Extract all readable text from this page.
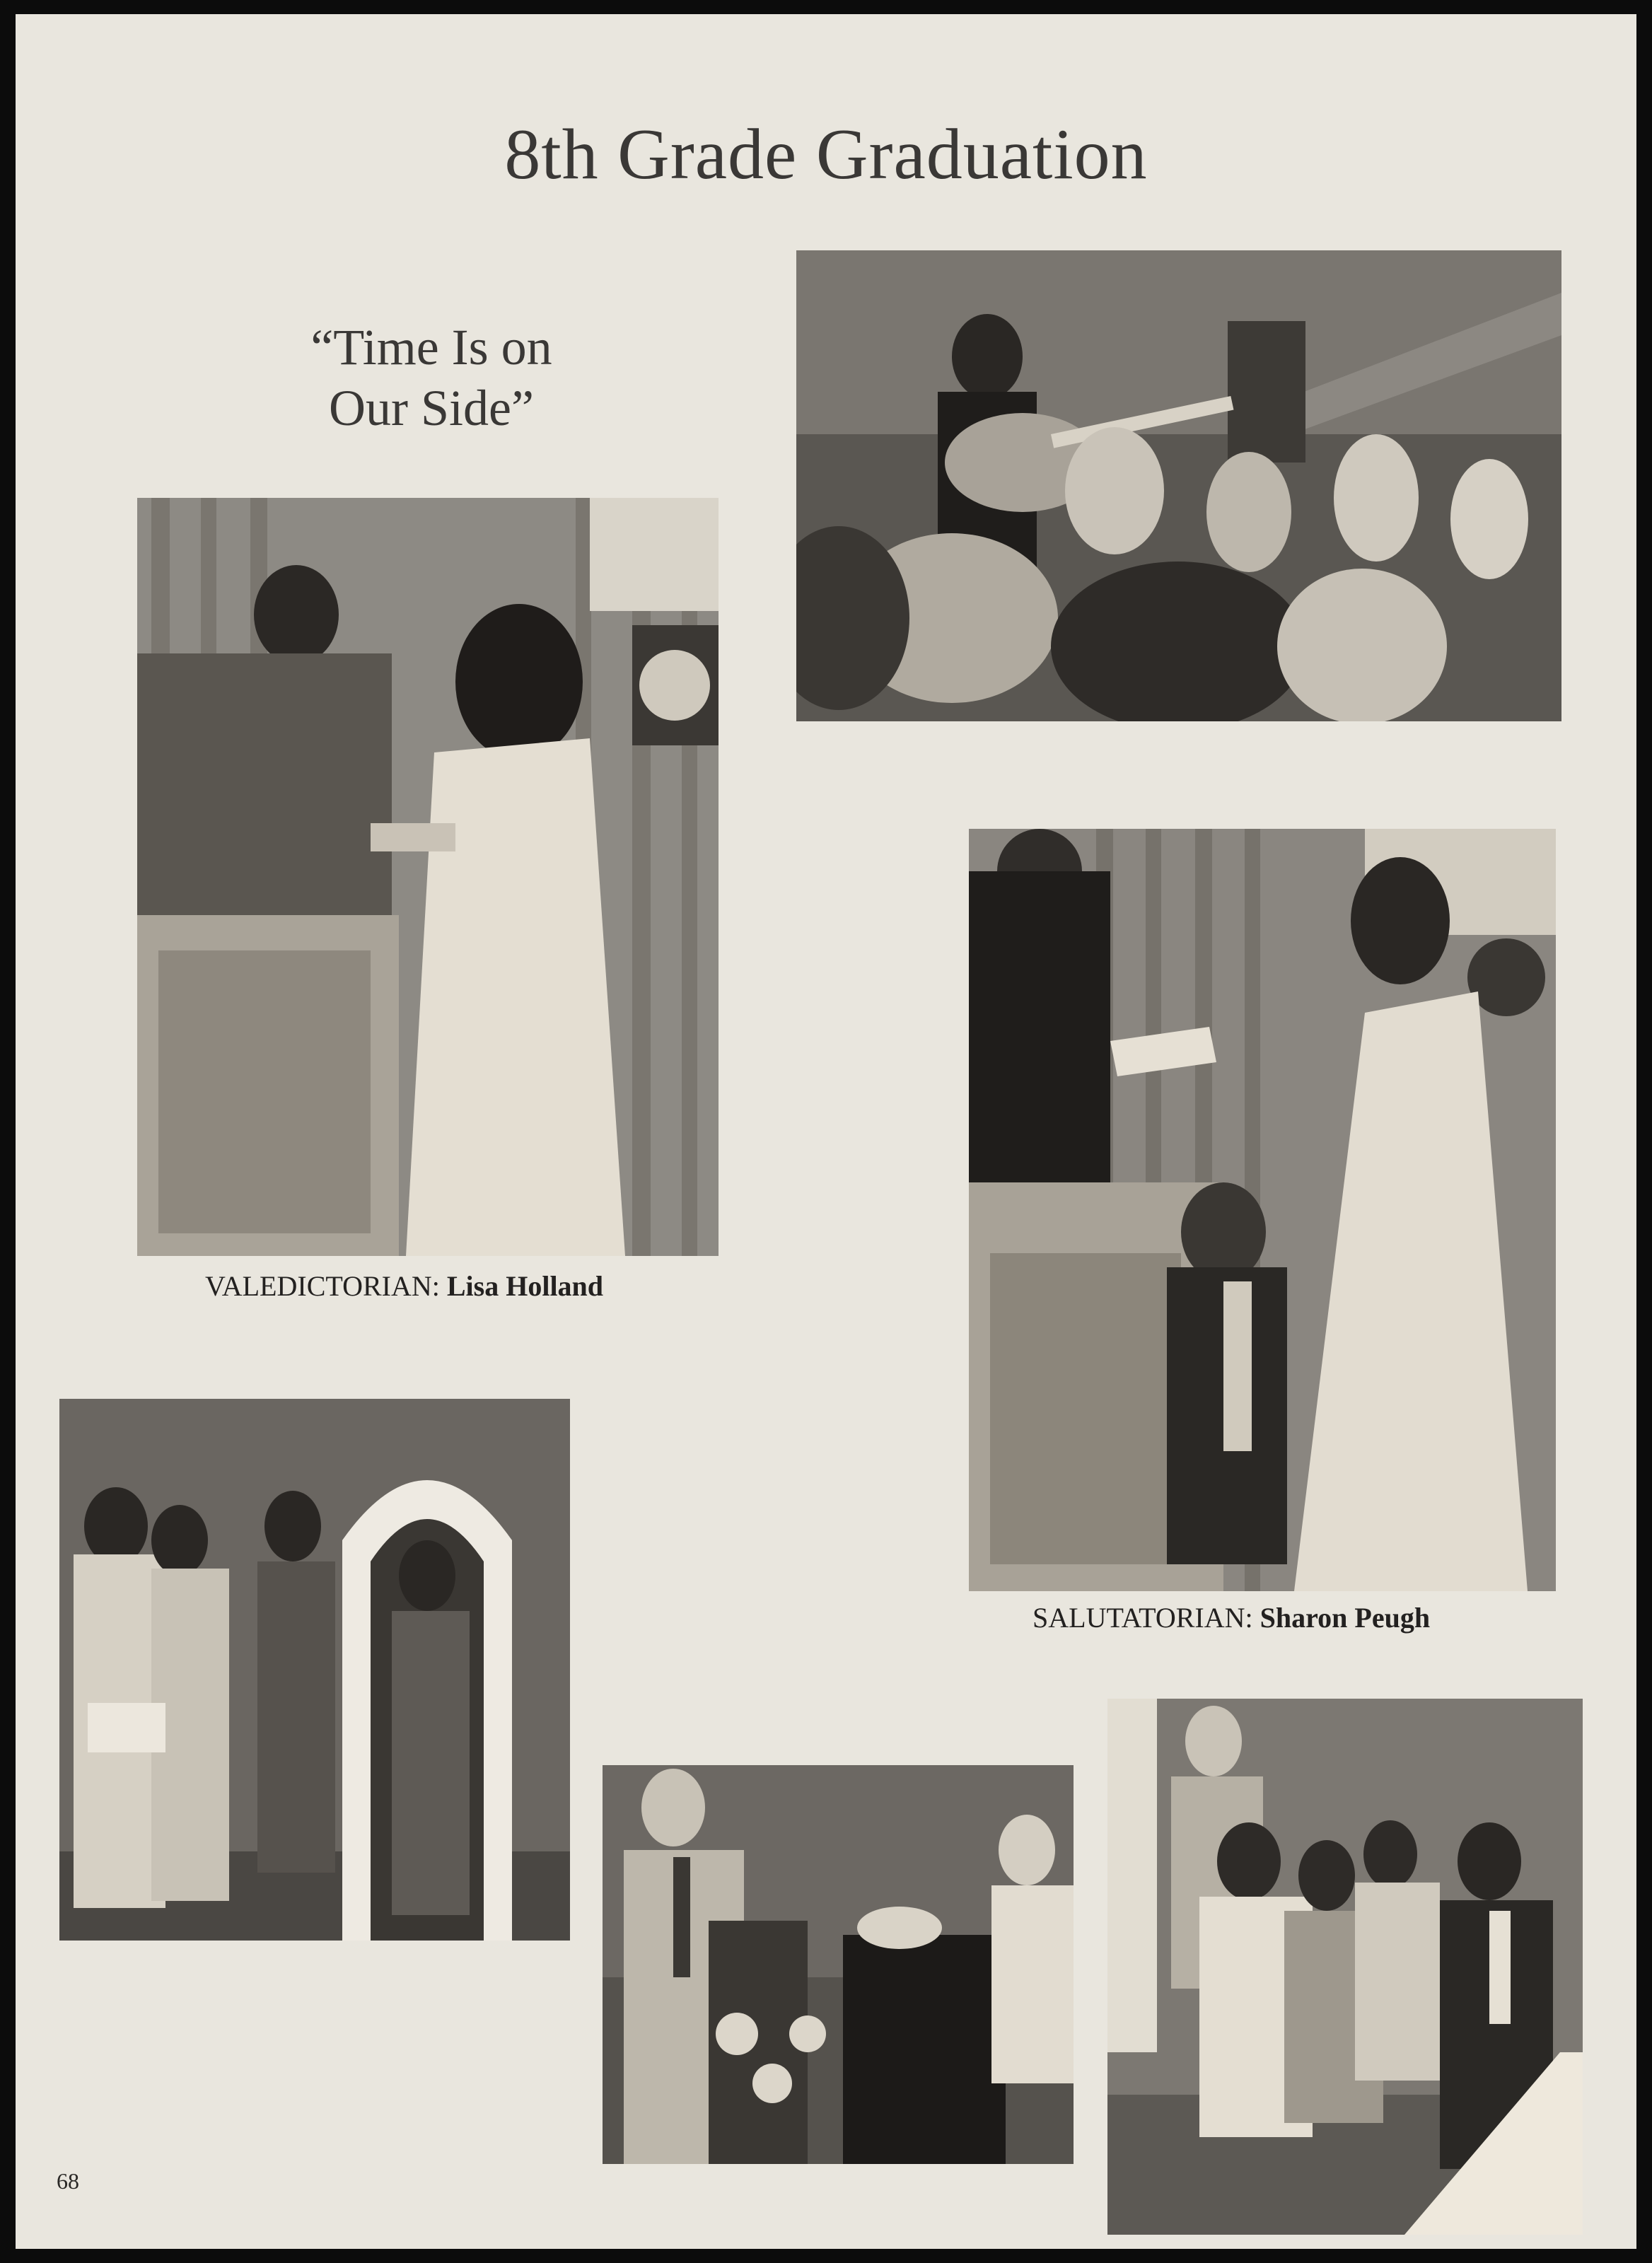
8th Grade Graduation
“Time Is on
Our Side”
VALEDICTORIAN: Lisa Holland
SALUTATORIAN: Sharon Peugh
68
